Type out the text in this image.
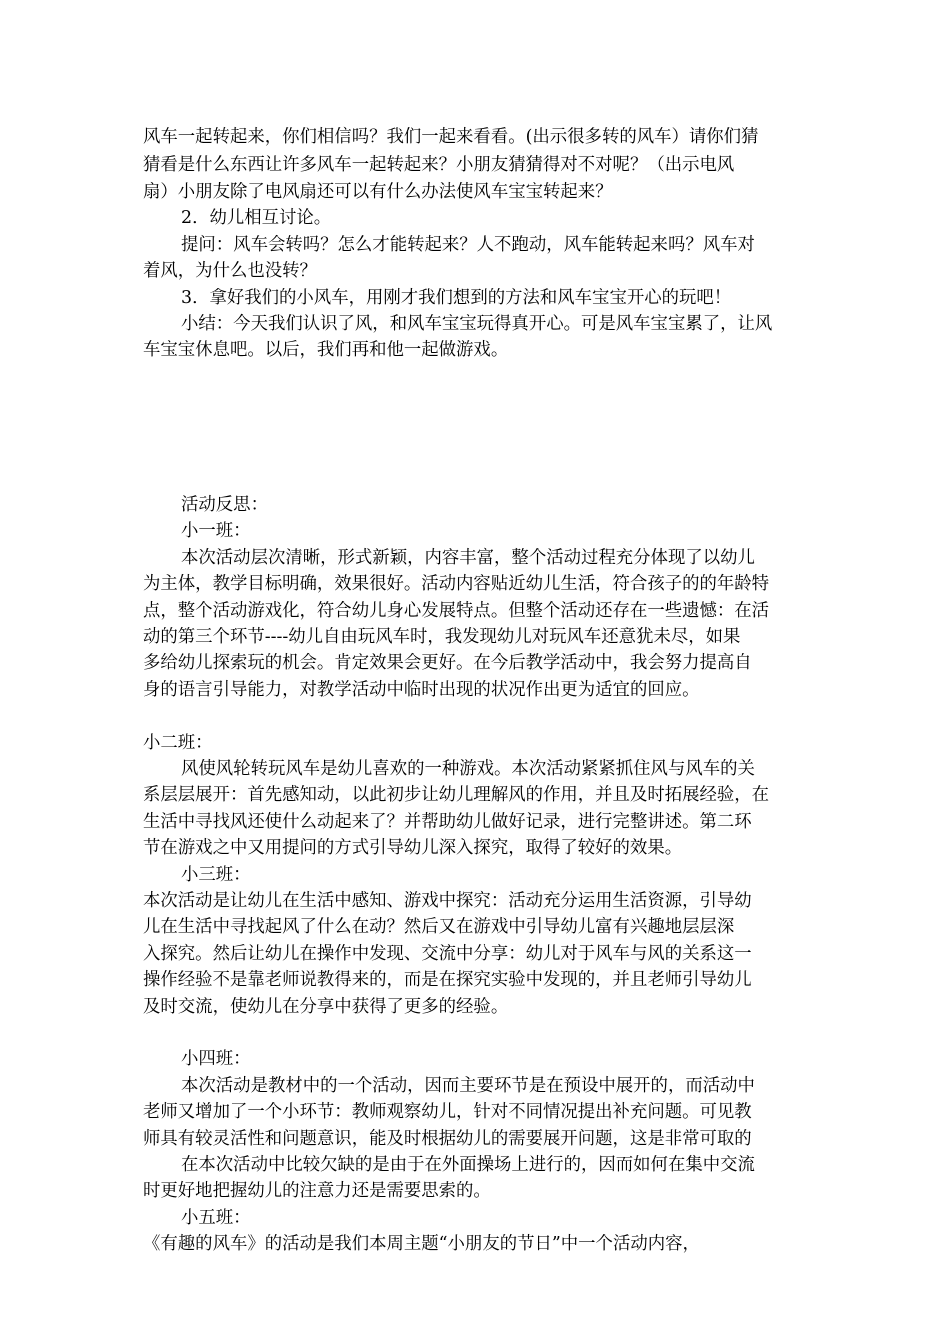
风车一起转起来，你们相信吗？我们一起来看看。(出示很多转的风车）请你们猜
猜看是什么东西让许多风车一起转起来？小朋友猜猜得对不对呢？（出示电风
扇）小朋友除了电风扇还可以有什么办法使风车宝宝转起来？
2．幼儿相互讨论。
提问：风车会转吗？怎么才能转起来？人不跑动，风车能转起来吗？风车对
着风，为什么也没转？
3．拿好我们的小风车，用刚才我们想到的方法和风车宝宝开心的玩吧！
小结：今天我们认识了风，和风车宝宝玩得真开心。可是风车宝宝累了，让风
车宝宝休息吧。以后，我们再和他一起做游戏。
活动反思：
小一班：
本次活动层次清晰，形式新颖，内容丰富，整个活动过程充分体现了以幼儿
为主体，教学目标明确，效果很好。活动内容贴近幼儿生活，符合孩子的的年龄特
点，整个活动游戏化，符合幼儿身心发展特点。但整个活动还存在一些遗憾：在活
动的第三个环节----幼儿自由玩风车时，我发现幼儿对玩风车还意犹未尽，如果
多给幼儿探索玩的机会。肯定效果会更好。在今后教学活动中，我会努力提高自
身的语言引导能力，对教学活动中临时出现的状况作出更为适宜的回应。
小二班：
风使风轮转玩风车是幼儿喜欢的一种游戏。本次活动紧紧抓住风与风车的关
系层层展开：首先感知动，以此初步让幼儿理解风的作用，并且及时拓展经验，在
生活中寻找风还使什么动起来了？并帮助幼儿做好记录，进行完整讲述。第二环
节在游戏之中又用提问的方式引导幼儿深入探究，取得了较好的效果。
小三班：
本次活动是让幼儿在生活中感知、游戏中探究：活动充分运用生活资源，引导幼
儿在生活中寻找起风了什么在动？然后又在游戏中引导幼儿富有兴趣地层层深
入探究。然后让幼儿在操作中发现、交流中分享：幼儿对于风车与风的关系这一
操作经验不是靠老师说教得来的，而是在探究实验中发现的，并且老师引导幼儿
及时交流，使幼儿在分享中获得了更多的经验。
小四班：
本次活动是教材中的一个活动，因而主要环节是在预设中展开的，而活动中
老师又增加了一个小环节：教师观察幼儿，针对不同情况提出补充问题。可见教
师具有较灵活性和问题意识，能及时根据幼儿的需要展开问题，这是非常可取的
在本次活动中比较欠缺的是由于在外面操场上进行的，因而如何在集中交流
时更好地把握幼儿的注意力还是需要思索的。
小五班：
《有趣的风车》的活动是我们本周主题“小朋友的节日”中一个活动内容，
